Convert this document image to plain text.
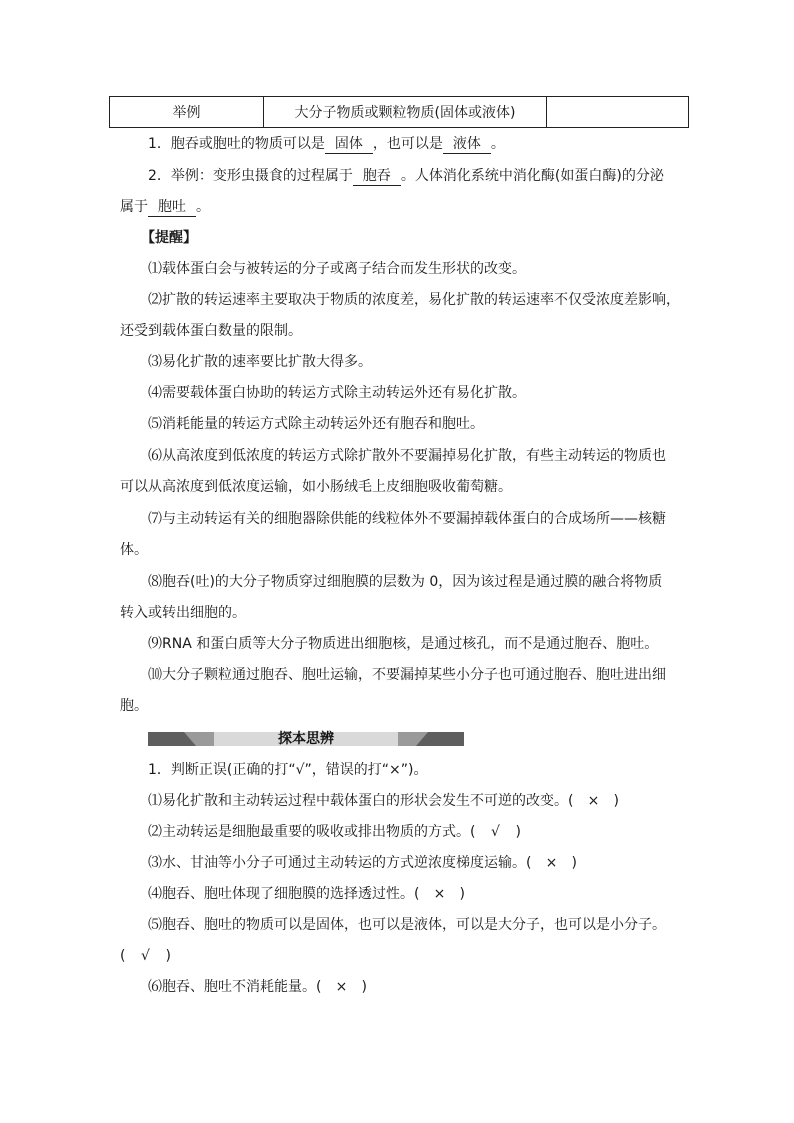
举例	大分子物质或颗粒物质(固体或液体)	
1．胞吞或胞吐的物质可以是 固体 ，也可以是 液体 。
2．举例：变形虫摄食的过程属于 胞吞 。人体消化系统中消化酶(如蛋白酶)的分泌
属于 胞吐 。
【提醒】
⑴载体蛋白会与被转运的分子或离子结合而发生形状的改变。
⑵扩散的转运速率主要取决于物质的浓度差，易化扩散的转运速率不仅受浓度差影响，
还受到载体蛋白数量的限制。
⑶易化扩散的速率要比扩散大得多。
⑷需要载体蛋白协助的转运方式除主动转运外还有易化扩散。
⑸消耗能量的转运方式除主动转运外还有胞吞和胞吐。
⑹从高浓度到低浓度的转运方式除扩散外不要漏掉易化扩散，有些主动转运的物质也
可以从高浓度到低浓度运输，如小肠绒毛上皮细胞吸收葡萄糖。
⑺与主动转运有关的细胞器除供能的线粒体外不要漏掉载体蛋白的合成场所——核糖
体。
⑻胞吞(吐)的大分子物质穿过细胞膜的层数为 0，因为该过程是通过膜的融合将物质
转入或转出细胞的。
⑼RNA 和蛋白质等大分子物质进出细胞核，是通过核孔，而不是通过胞吞、胞吐。
⑽大分子颗粒通过胞吞、胞吐运输，不要漏掉某些小分子也可通过胞吞、胞吐进出细
胞。
探本思辨
1．判断正误(正确的打“√”，错误的打“×”)。
⑴易化扩散和主动转运过程中载体蛋白的形状会发生不可逆的改变。( × )
⑵主动转运是细胞最重要的吸收或排出物质的方式。( √ )
⑶水、甘油等小分子可通过主动转运的方式逆浓度梯度运输。( × )
⑷胞吞、胞吐体现了细胞膜的选择透过性。( × )
⑸胞吞、胞吐的物质可以是固体，也可以是液体，可以是大分子，也可以是小分子。
( √ )
⑹胞吞、胞吐不消耗能量。( × )
